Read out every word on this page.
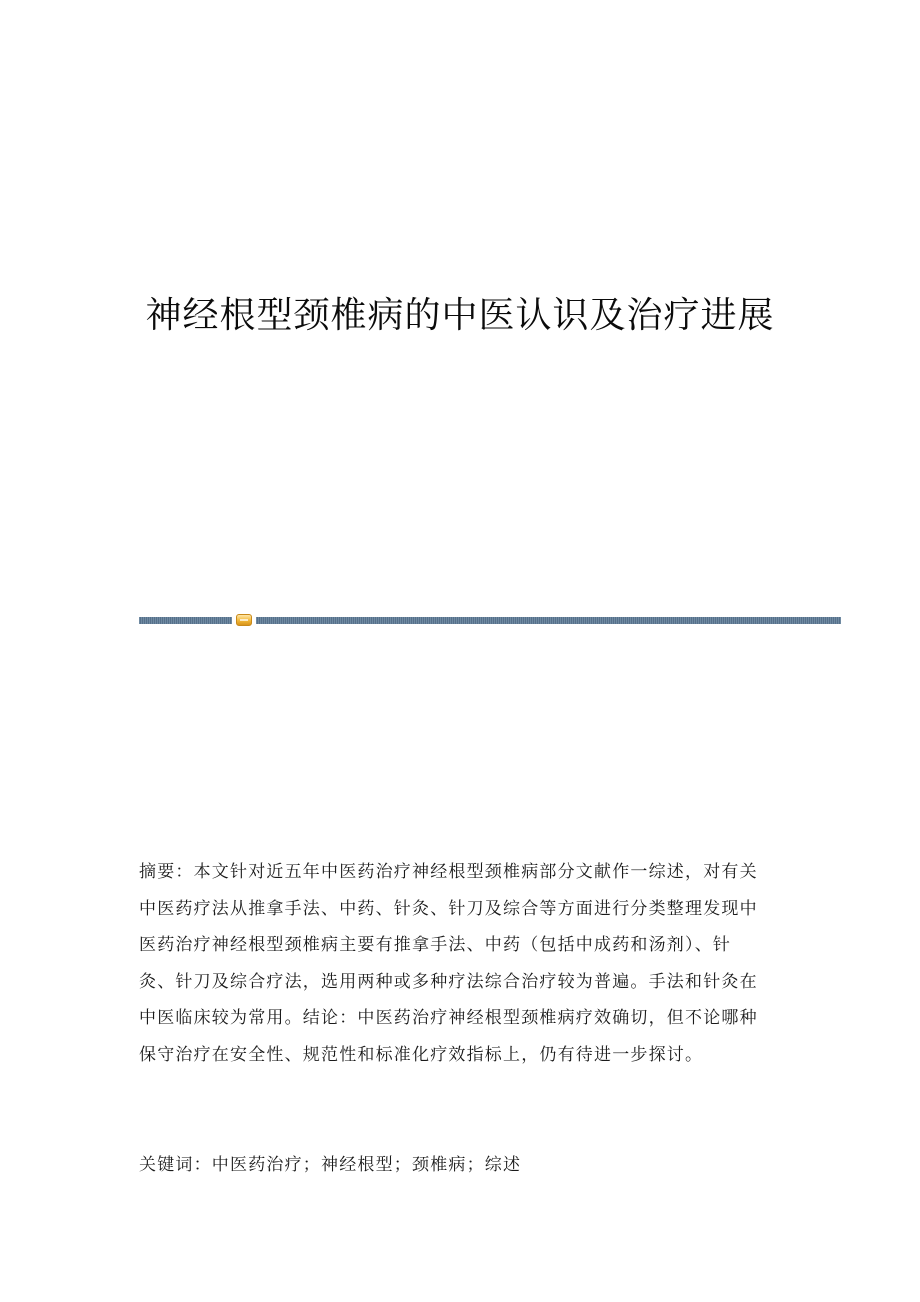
神经根型颈椎病的中医认识及治疗进展
摘要：本文针对近五年中医药治疗神经根型颈椎病部分文献作一综述，对有关
中医药疗法从推拿手法、中药、针灸、针刀及综合等方面进行分类整理发现中
医药治疗神经根型颈椎病主要有推拿手法、中药（包括中成药和汤剂）、针
灸、针刀及综合疗法，选用两种或多种疗法综合治疗较为普遍。手法和针灸在
中医临床较为常用。结论：中医药治疗神经根型颈椎病疗效确切，但不论哪种
保守治疗在安全性、规范性和标准化疗效指标上，仍有待进一步探讨。
关键词：中医药治疗；神经根型；颈椎病；综述
